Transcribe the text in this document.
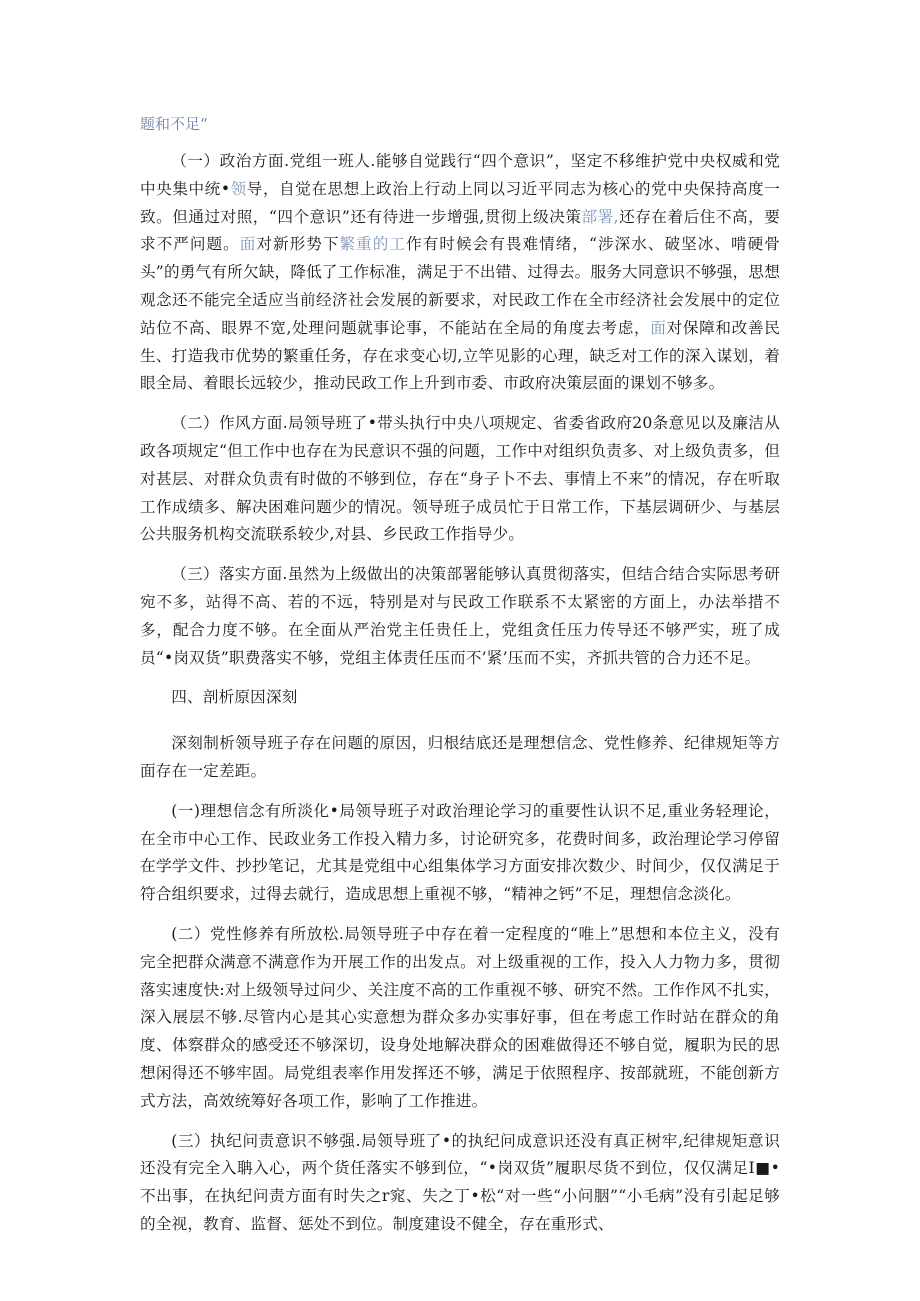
题和不足“

（一）政治方面.党组一班人.能够自觉践行“四个意识”，坚定不移维护党中央权威和党中央集中统•领导，自觉在思想上政治上行动上同以习近平同志为核心的党中央保持高度一致。但通过对照，“四个意识”还有待进一步增强,贯彻上级决策部署,还存在着后住不高，要求不严问题。面对新形势下繁重的工作有时候会有畏难情绪，“涉深水、破坚冰、啃硬骨头”的勇气有所欠缺，降低了工作标准，满足于不出错、过得去。服务大同意识不够强，思想观念还不能完全适应当前经济社会发展的新要求，对民政工作在全市经济社会发展中的定位站位不高、眼界不宽,处理问题就事论事，不能站在全局的角度去考虑，面对保障和改善民生、打造我市优势的繁重任务，存在求变心切,立竿见影的心理，缺乏对工作的深入谋划，着眼全局、着眼长远较少，推动民政工作上升到市委、市政府决策层面的课划不够多。

（二）作风方面.局领导班了•带头执行中央八项规定、省委省政府20条意见以及廉洁从政各项规定“但工作中也存在为民意识不强的问题，工作中对组织负责多、对上级负责多，但对甚层、对群众负责有时做的不够到位，存在“身子卜不去、事情上不来”的情况，存在听取工作成绩多、解决困难问题少的情况。领导班子成员忙于日常工作，下基层调研少、与基层公共服务机构交流联系较少,对县、乡民政工作指导少。

（三）落实方面.虽然为上级做出的决策部署能够认真贯彻落实，但结合结合实际思考研宛不多，站得不高、若的不远，特别是对与民政工作联系不太紧密的方面上，办法举措不多，配合力度不够。在全面从严治党主任贵任上，党组贪任压力传导还不够严实，班了成员“•岗双货”职费落实不够，党组主体责任压而不’紧’压而不实，齐抓共管的合力还不足。

四、剖析原因深刻

深刻制析领导班子存在问题的原因，归根结底还是理想信念、党性修养、纪律规矩等方面存在一定差距。

(一)理想信念有所淡化•局领导班子对政治理论学习的重要性认识不足,重业务轻理论，在全市中心工作、民政业务工作投入精力多，讨论研究多，花费时间多，政治理论学习停留在学学文件、抄抄笔记，尤其是党组中心组集体学习方面安排次数少、时间少，仅仅满足于符合组织要求，过得去就行，造成思想上重视不够，“精神之钙”不足，理想信念淡化。

(二）党性修养有所放松.局领导班子中存在着一定程度的“唯上”思想和本位主义，没有完全把群众满意不满意作为开展工作的出发点。对上级重视的工作，投入人力物力多，贯彻落实速度快:对上级领导过问少、关注度不高的工作重视不够、研究不然。工作作风不扎实，深入展层不够.尽管内心是其心实意想为群众多办实事好事，但在考虑工作时站在群众的角度、体察群众的感受还不够深切，设身处地解决群众的困难做得还不够自觉，履职为民的思想闲得还不够牢固。局党组表率作用发挥还不够，满足于依照程序、按部就班，不能创新方式方法，高效统筹好各项工作，影响了工作推进。

(三）执纪问责意识不够强.局领导班了•的执纪问成意识还没有真正树牢,纪律规矩意识还没有完全入聃入心，两个货任落实不够到位，“•岗双货”履职尽货不到位，仅仅满足I■•不出事，在执纪问责方面有时失之r窕、失之丁•松“对一些“小问胭”“小毛病”没有引起足够的全视，教育、监督、惩处不到位。制度建设不健全，存在重形式、
